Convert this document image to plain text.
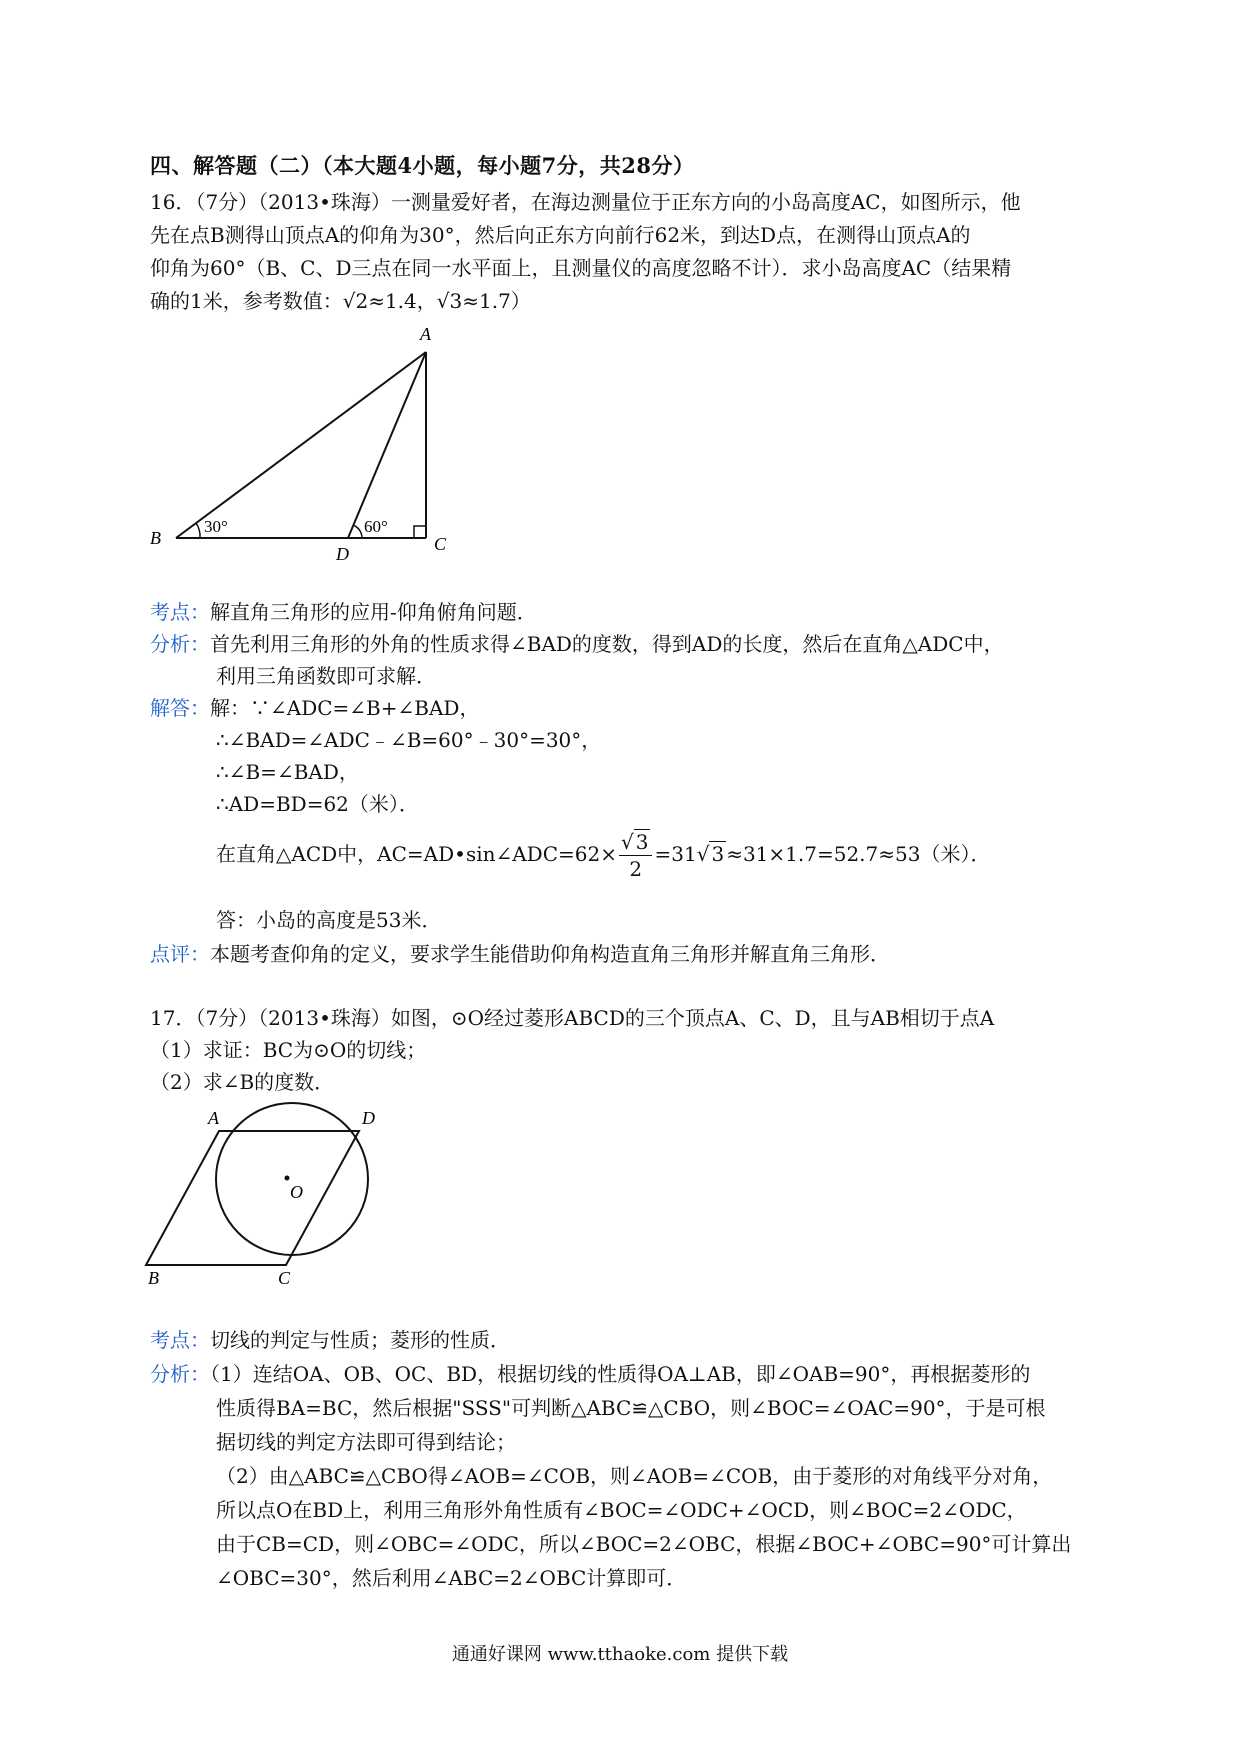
四、解答题（二）（本大题4小题，每小题7分，共28分）
16．（7分）（2013•珠海）一测量爱好者，在海边测量位于正东方向的小岛高度AC，如图所示，他
先在点B测得山顶点A的仰角为30°，然后向正东方向前行62米，到达D点，在测得山顶点A的
仰角为60°（B、C、D三点在同一水平面上，且测量仪的高度忽略不计）．求小岛高度AC（结果精
确的1米，参考数值：√2≈1.4，√3≈1.7）
A
B	C
D
30°	60°
考点：解直角三角形的应用-仰角俯角问题．
分析：首先利用三角形的外角的性质求得∠BAD的度数，得到AD的长度，然后在直角△ADC中，
利用三角函数即可求解．
解答：解：∵∠ADC=∠B+∠BAD，
∴∠BAD=∠ADC﹣∠B=60°﹣30°=30°，
∴∠B=∠BAD，
∴AD=BD=62（米）．
在直角△ACD中，AC=AD•sin∠ADC=62× $\frac{√ 3}{2} =31√$ 3 ≈31×1.7=52.7≈53（米）．
答：小岛的高度是53米．
点评：本题考查仰角的定义，要求学生能借助仰角构造直角三角形并解直角三角形．
17．（7分）（2013•珠海）如图，⊙O经过菱形ABCD的三个顶点A、C、D，且与AB相切于点A
（1）求证：BC为⊙O的切线；
（2）求∠B的度数．
A	D
O
B	C
考点：切线的判定与性质；菱形的性质．
分析：（1）连结OA、OB、OC、BD，根据切线的性质得OA⊥AB，即∠OAB=90°，再根据菱形的
性质得BA=BC，然后根据"SSS"可判断△ABC≌△CBO，则∠BOC=∠OAC=90°，于是可根
据切线的判定方法即可得到结论；
（2）由△ABC≌△CBO得∠AOB=∠COB，则∠AOB=∠COB，由于菱形的对角线平分对角，
所以点O在BD上，利用三角形外角性质有∠BOC=∠ODC+∠OCD，则∠BOC=2∠ODC，
由于CB=CD，则∠OBC=∠ODC，所以∠BOC=2∠OBC，根据∠BOC+∠OBC=90°可计算出
∠OBC=30°，然后利用∠ABC=2∠OBC计算即可．
通通好课网 www.tthaoke.com 提供下载
